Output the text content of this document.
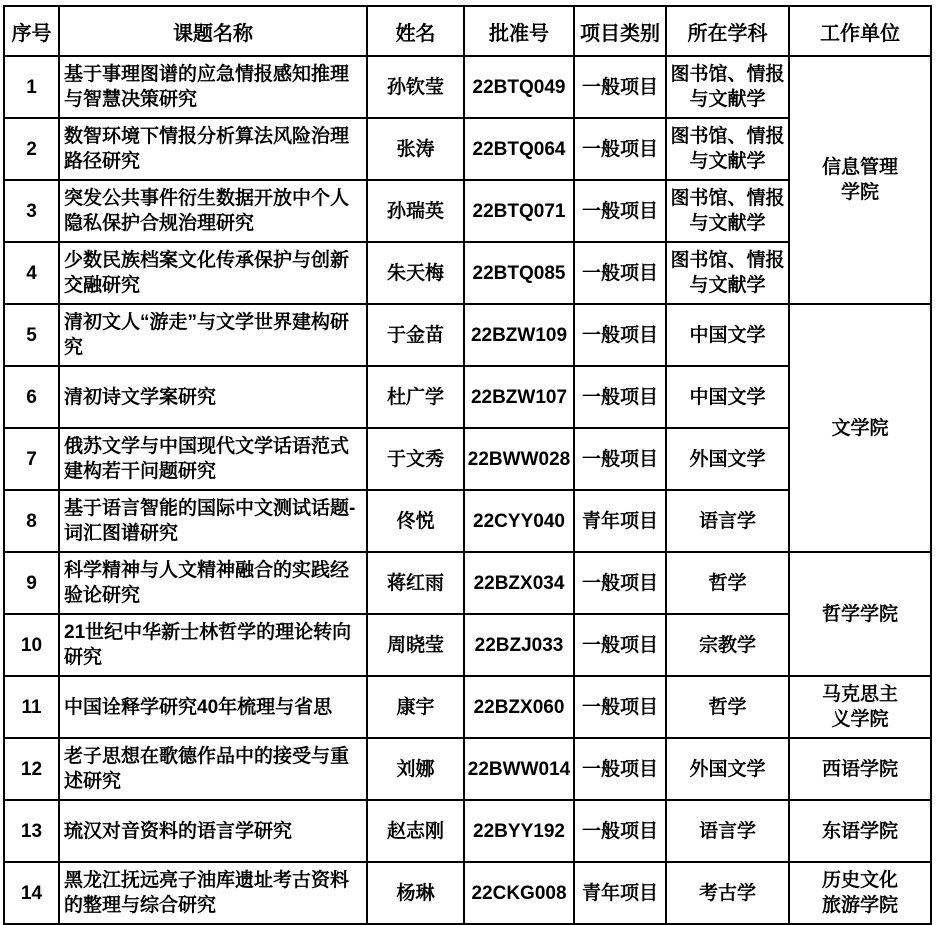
序号	课题名称	姓名	批准号	项目类别	所在学科	工作单位
1	基于事理图谱的应急情报感知推理与智慧决策研究	孙钦莹	22BTQ049	一般项目	图书馆、情报与文献学	信息管理学院
2	数智环境下情报分析算法风险治理路径研究	张涛	22BTQ064	一般项目	图书馆、情报与文献学	
3	突发公共事件衍生数据开放中个人隐私保护合规治理研究	孙瑞英	22BTQ071	一般项目	图书馆、情报与文献学	
4	少数民族档案文化传承保护与创新交融研究	朱天梅	22BTQ085	一般项目	图书馆、情报与文献学	
5	清初文人“游走”与文学世界建构研究	于金苗	22BZW109	一般项目	中国文学	文学院
6	清初诗文学案研究	杜广学	22BZW107	一般项目	中国文学	
7	俄苏文学与中国现代文学话语范式建构若干问题研究	于文秀	22BWW028	一般项目	外国文学	
8	基于语言智能的国际中文测试话题-词汇图谱研究	佟悦	22CYY040	青年项目	语言学	
9	科学精神与人文精神融合的实践经验论研究	蒋红雨	22BZX034	一般项目	哲学	哲学学院
10	21世纪中华新士林哲学的理论转向研究	周晓莹	22BZJ033	一般项目	宗教学	
11	中国诠释学研究40年梳理与省思	康宇	22BZX060	一般项目	哲学	马克思主义学院
12	老子思想在歌德作品中的接受与重述研究	刘娜	22BWW014	一般项目	外国文学	西语学院
13	琉汉对音资料的语言学研究	赵志刚	22BYY192	一般项目	语言学	东语学院
14	黑龙江抚远亮子油库遗址考古资料的整理与综合研究	杨琳	22CKG008	青年项目	考古学	历史文化旅游学院
